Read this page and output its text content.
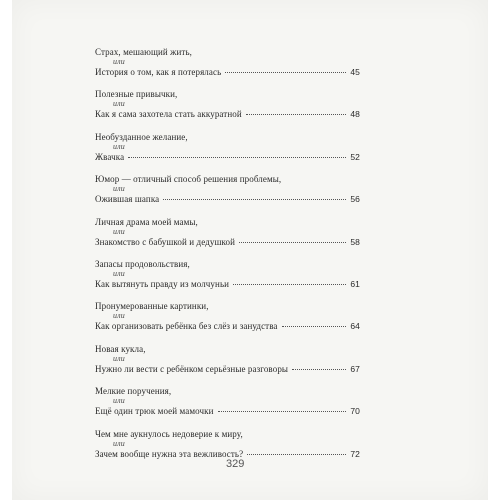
Страх, мешающий жить,
или
История о том, как я потерялась	45
Полезные привычки,
или
Как я сама захотела стать аккуратной	48
Необузданное желание,
или
Жвачка	52
Юмор — отличный способ решения проблемы,
или
Ожившая шапка	56
Личная драма моей мамы,
или
Знакомство с бабушкой и дедушкой	58
Запасы продовольствия,
или
Как вытянуть правду из молчуньи	61
Пронумерованные картинки,
или
Как организовать ребёнка без слёз и занудства	64
Новая кукла,
или
Нужно ли вести с ребёнком серьёзные разговоры	67
Мелкие поручения,
или
Ещё один трюк моей мамочки	70
Чем мне аукнулось недоверие к миру,
или
Зачем вообще нужна эта вежливость?	72
329
